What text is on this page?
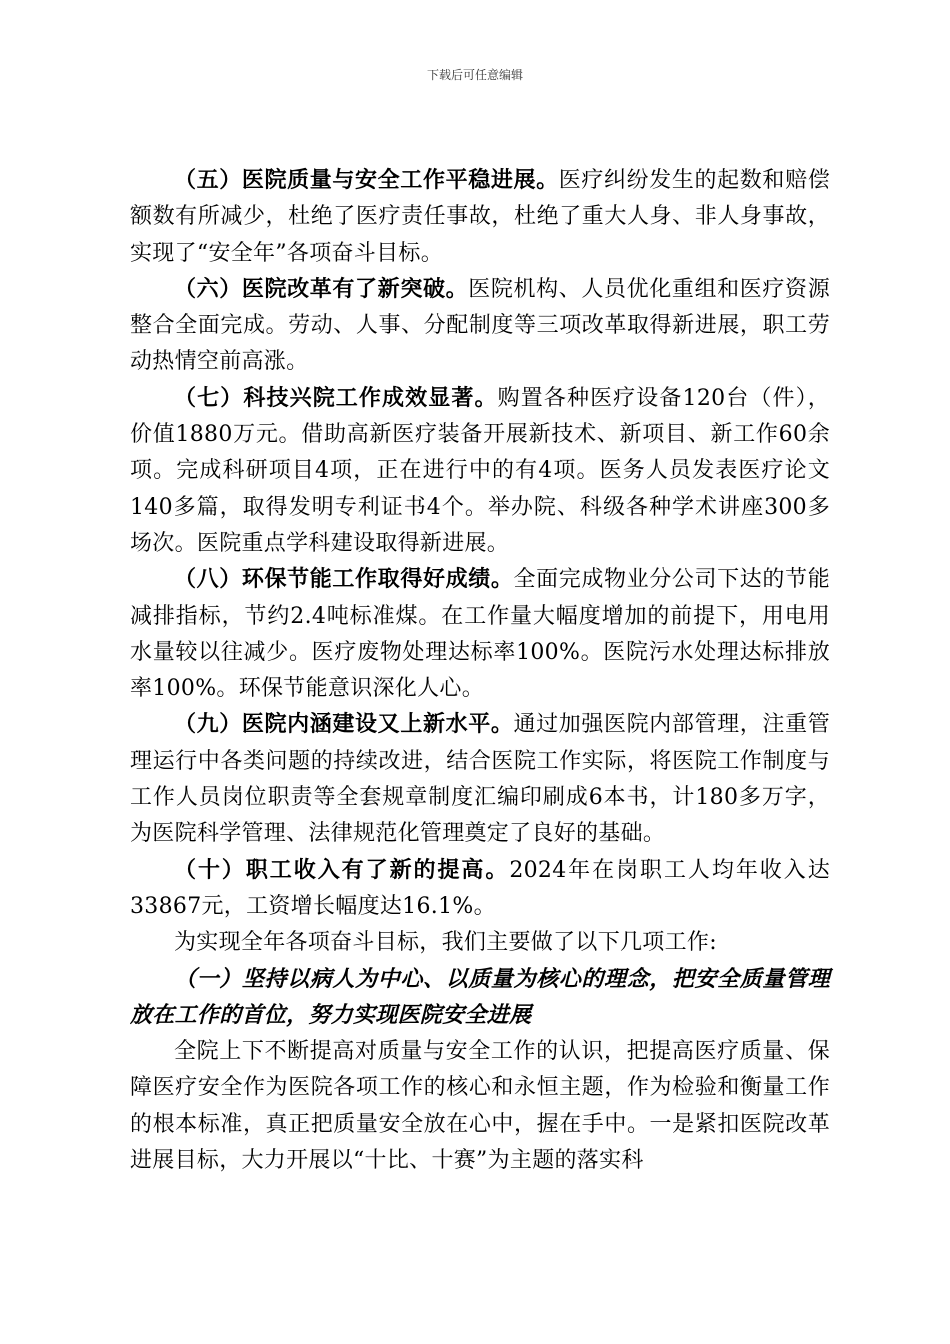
下载后可任意编辑

（五）医院质量与安全工作平稳进展。医疗纠纷发生的起数和赔偿额数有所减少，杜绝了医疗责任事故，杜绝了重大人身、非人身事故，实现了“安全年”各项奋斗目标。

（六）医院改革有了新突破。医院机构、人员优化重组和医疗资源整合全面完成。劳动、人事、分配制度等三项改革取得新进展，职工劳动热情空前高涨。

（七）科技兴院工作成效显著。购置各种医疗设备120台（件），价值1880万元。借助高新医疗装备开展新技术、新项目、新工作60余项。完成科研项目4项，正在进行中的有4项。医务人员发表医疗论文140多篇，取得发明专利证书4个。举办院、科级各种学术讲座300多场次。医院重点学科建设取得新进展。

（八）环保节能工作取得好成绩。全面完成物业分公司下达的节能减排指标，节约2.4吨标准煤。在工作量大幅度增加的前提下，用电用水量较以往减少。医疗废物处理达标率100%。医院污水处理达标排放率100%。环保节能意识深化人心。

（九）医院内涵建设又上新水平。通过加强医院内部管理，注重管理运行中各类问题的持续改进，结合医院工作实际，将医院工作制度与工作人员岗位职责等全套规章制度汇编印刷成6本书，计180多万字，为医院科学管理、法律规范化管理奠定了良好的基础。

（十）职工收入有了新的提高。2024年在岗职工人均年收入达33867元，工资增长幅度达16.1%。

为实现全年各项奋斗目标，我们主要做了以下几项工作:

（一）坚持以病人为中心、以质量为核心的理念，把安全质量管理放在工作的首位，努力实现医院安全进展

全院上下不断提高对质量与安全工作的认识，把提高医疗质量、保障医疗安全作为医院各项工作的核心和永恒主题，作为检验和衡量工作的根本标准，真正把质量安全放在心中，握在手中。一是紧扣医院改革进展目标，大力开展以“十比、十赛”为主题的落实科
